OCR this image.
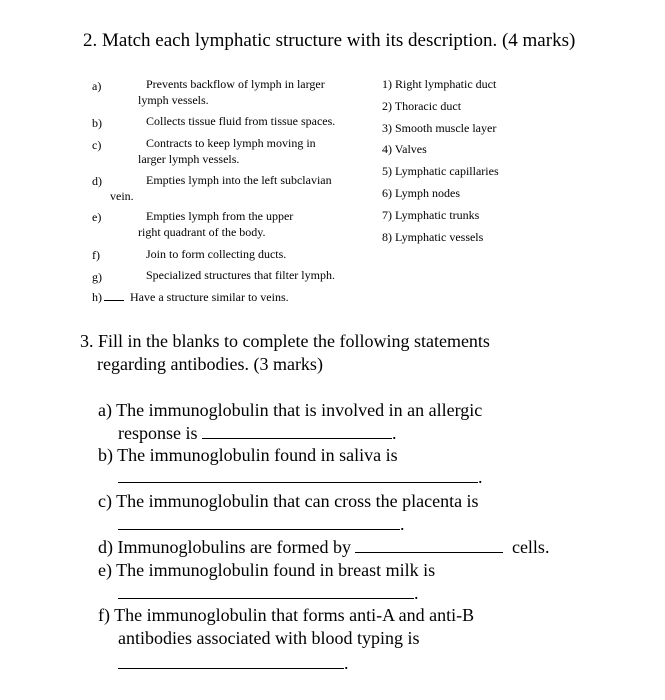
2. Match each lymphatic structure with its description. (4 marks)
a)	Prevents backflow of lymph in larger
lymph vessels.
b)	Collects tissue fluid from tissue spaces.
c)	Contracts to keep lymph moving in
larger lymph vessels.
d)	Empties lymph into the left subclavian
vein.
e)	Empties lymph from the upper
right quadrant of the body.
f)	Join to form collecting ducts.
g)	Specialized structures that filter lymph.
h) Have a structure similar to veins.
1) Right lymphatic duct
2) Thoracic duct
3) Smooth muscle layer
4) Valves
5) Lymphatic capillaries
6) Lymph nodes
7) Lymphatic trunks
8) Lymphatic vessels
3. Fill in the blanks to complete the following statements
regarding antibodies. (3 marks)
a) The immunoglobulin that is involved in an allergic
response is	.
b) The immunoglobulin found in saliva is
.
c) The immunoglobulin that can cross the placenta is
.
d) Immunoglobulins are formed by	cells.
e) The immunoglobulin found in breast milk is
.
f) The immunoglobulin that forms anti-A and anti-B
antibodies associated with blood typing is
.
